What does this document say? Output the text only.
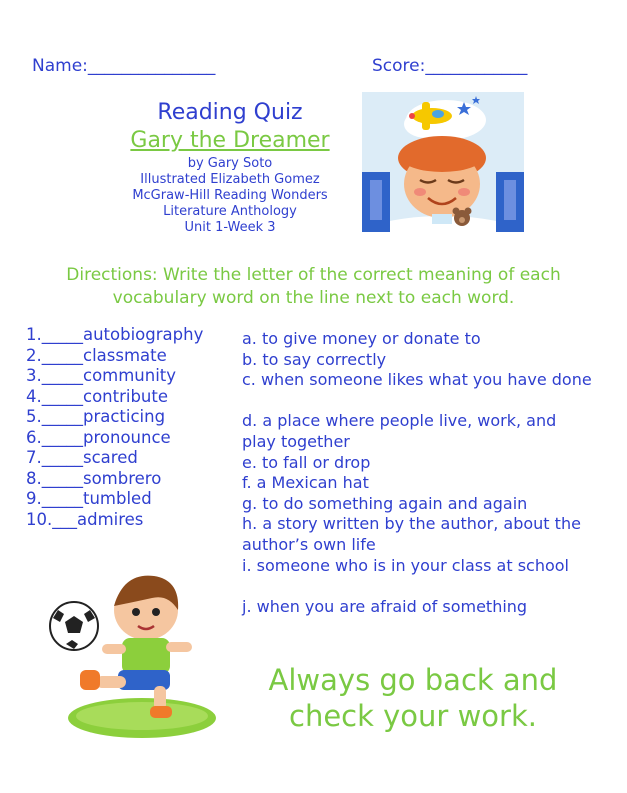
Name:_______________	Score:____________
Reading Quiz
Gary the Dreamer
by Gary Soto
Illustrated Elizabeth Gomez
McGraw-Hill Reading Wonders
Literature Anthology
Unit 1-Week 3
Directions: Write the letter of the correct meaning of each vocabulary word on the line next to each word.
1._____autobiography
2._____classmate
3._____community
4._____contribute
5._____practicing
6._____pronounce
7._____scared
8._____sombrero
9._____tumbled
10.___admires
a. to give money or donate to
b. to say correctly
c. when someone likes what you have done
d. a place where people live, work, and play together
e. to fall or drop
f. a Mexican hat
g. to do something again and again
h. a story written by the author, about the author’s own life
i. someone who is in your class at school
j. when you are afraid of something
Always go back and check your work.
